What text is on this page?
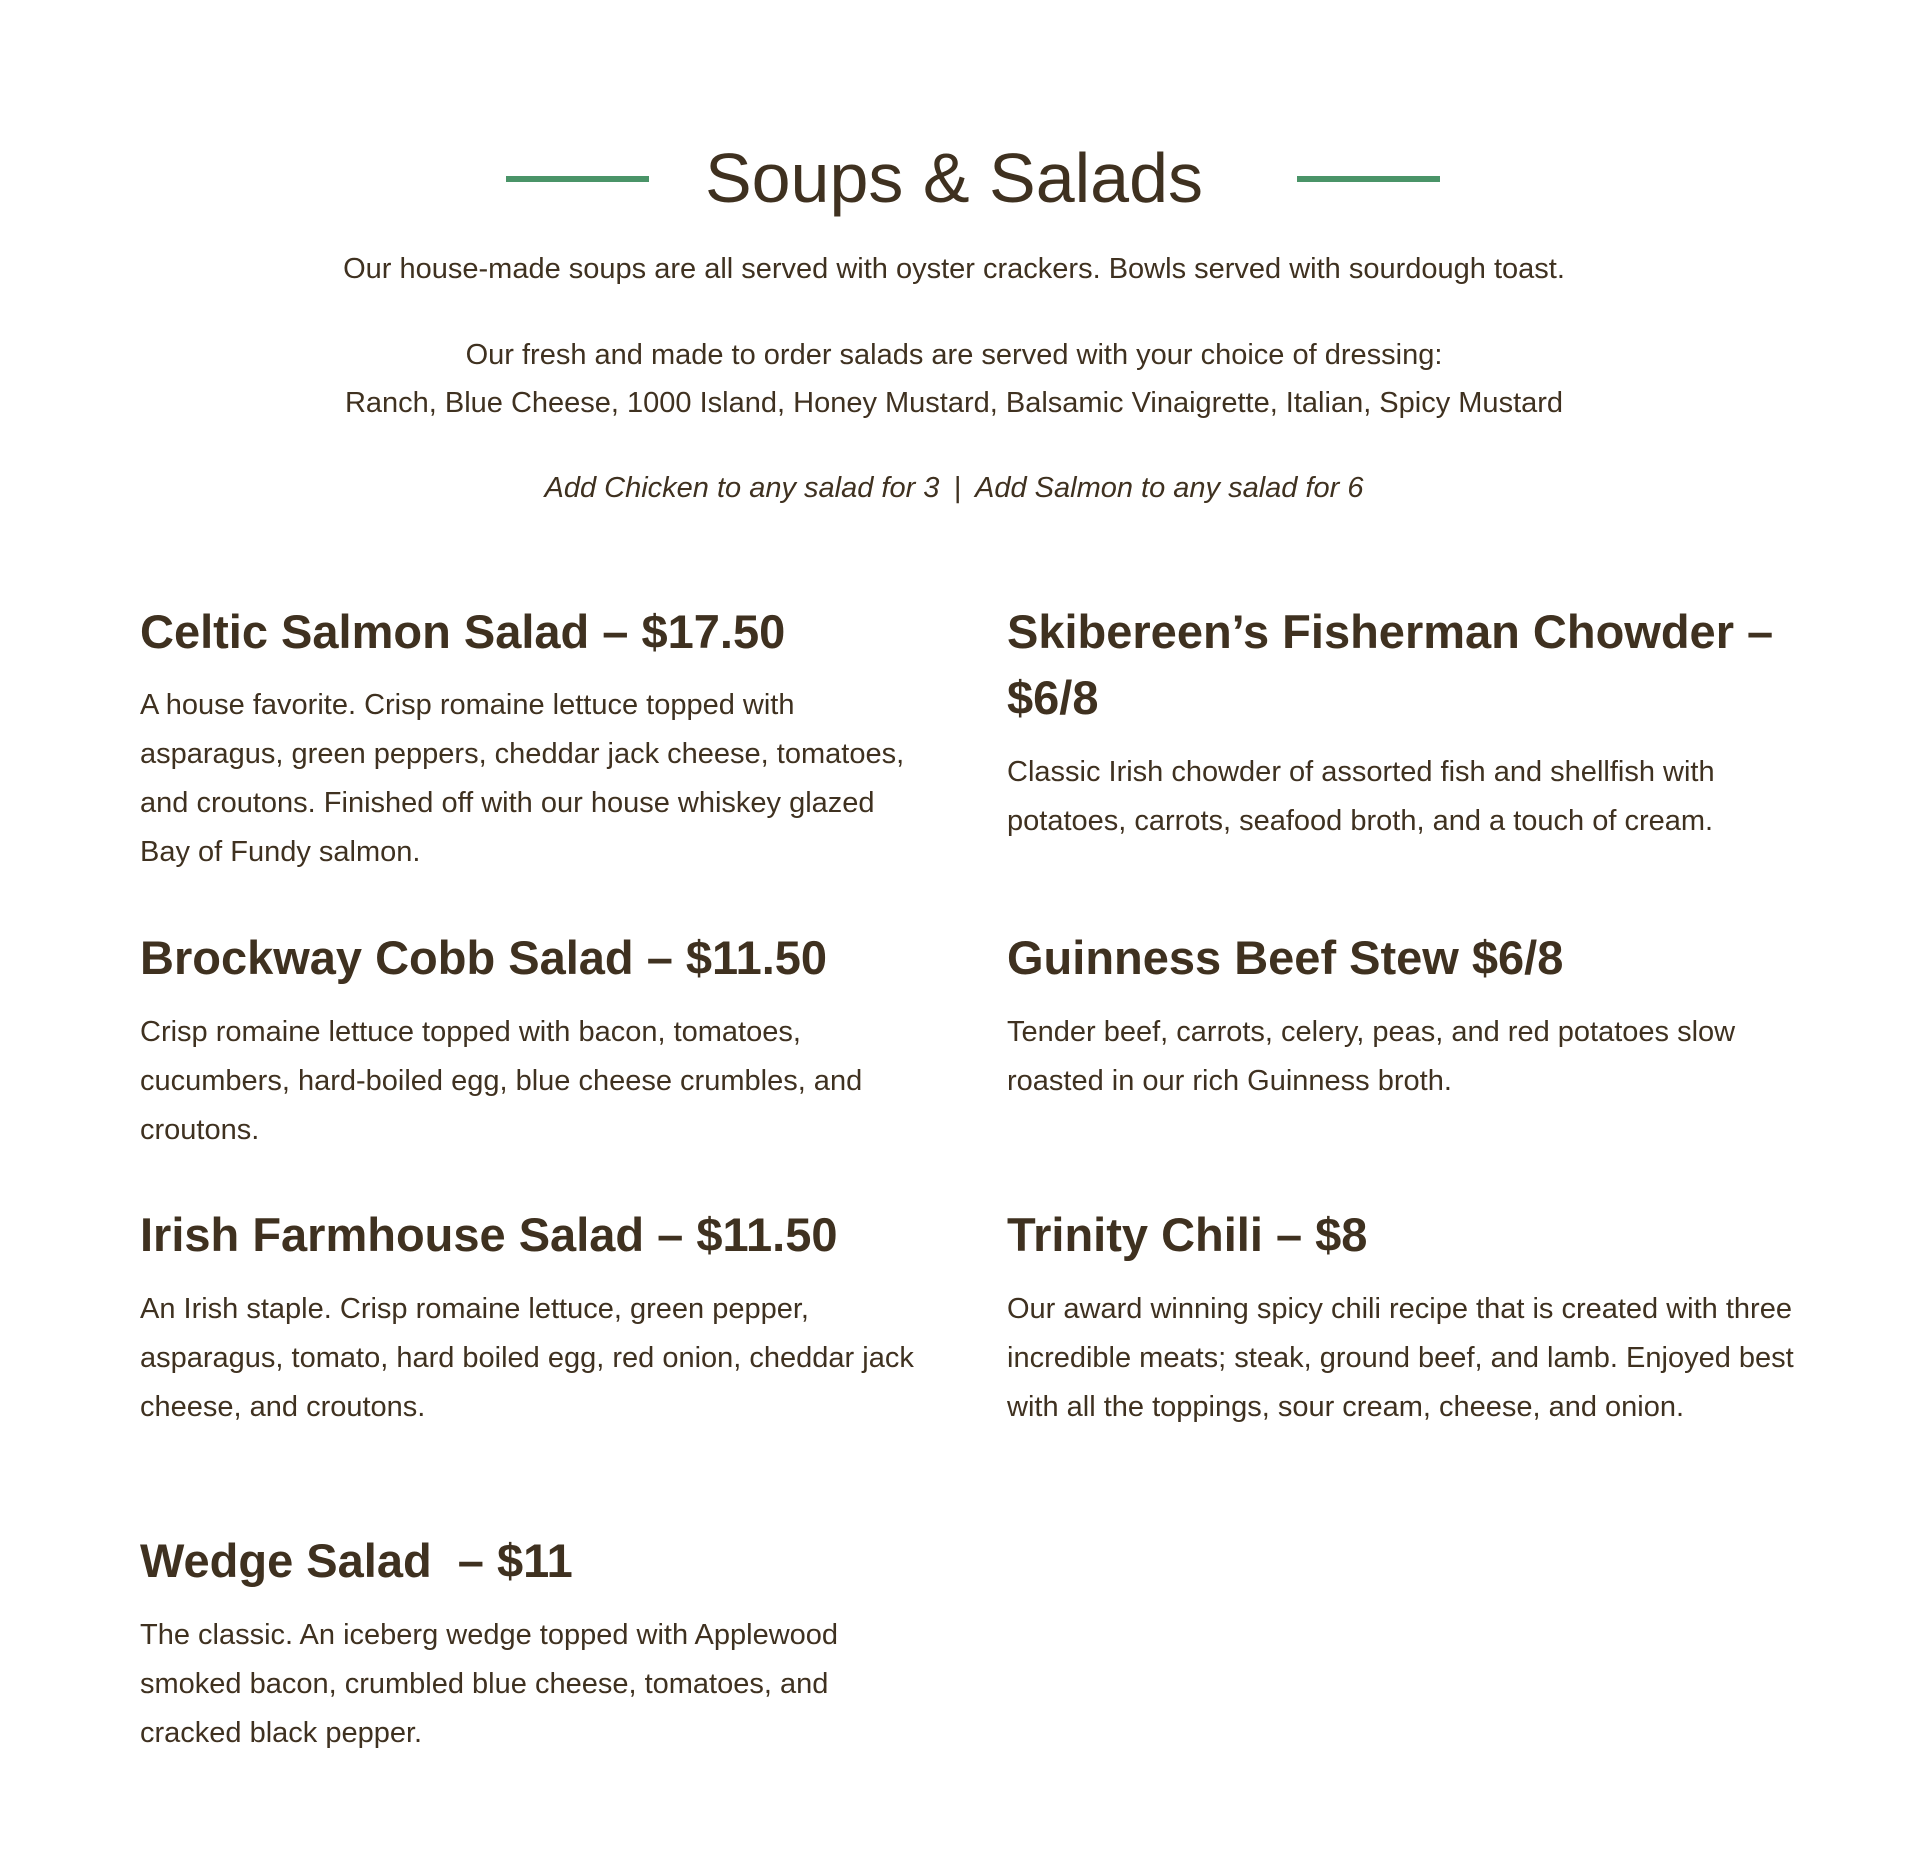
Soups & Salads
Our house-made soups are all served with oyster crackers. Bowls served with sourdough toast.
Our fresh and made to order salads are served with your choice of dressing:
Ranch, Blue Cheese, 1000 Island, Honey Mustard, Balsamic Vinaigrette, Italian, Spicy Mustard
Add Chicken to any salad for 3 | Add Salmon to any salad for 6
Celtic Salmon Salad – $17.50

A house favorite. Crisp romaine lettuce topped with asparagus, green peppers, cheddar jack cheese, tomatoes, and croutons. Finished off with our house whiskey glazed Bay of Fundy salmon.

Brockway Cobb Salad – $11.50

Crisp romaine lettuce topped with bacon, tomatoes, cucumbers, hard-boiled egg, blue cheese crumbles, and croutons.

Irish Farmhouse Salad – $11.50

An Irish staple. Crisp romaine lettuce, green pepper, asparagus, tomato, hard boiled egg, red onion, cheddar jack cheese, and croutons.

Wedge Salad  – $11

The classic. An iceberg wedge topped with Applewood smoked bacon, crumbled blue cheese, tomatoes, and cracked black pepper.

Skibereen’s Fisherman Chowder – $6/8

Classic Irish chowder of assorted fish and shellfish with potatoes, carrots, seafood broth, and a touch of cream.

Guinness Beef Stew $6/8

Tender beef, carrots, celery, peas, and red potatoes slow roasted in our rich Guinness broth.

Trinity Chili – $8

Our award winning spicy chili recipe that is created with three incredible meats; steak, ground beef, and lamb. Enjoyed best with all the toppings, sour cream, cheese, and onion.
